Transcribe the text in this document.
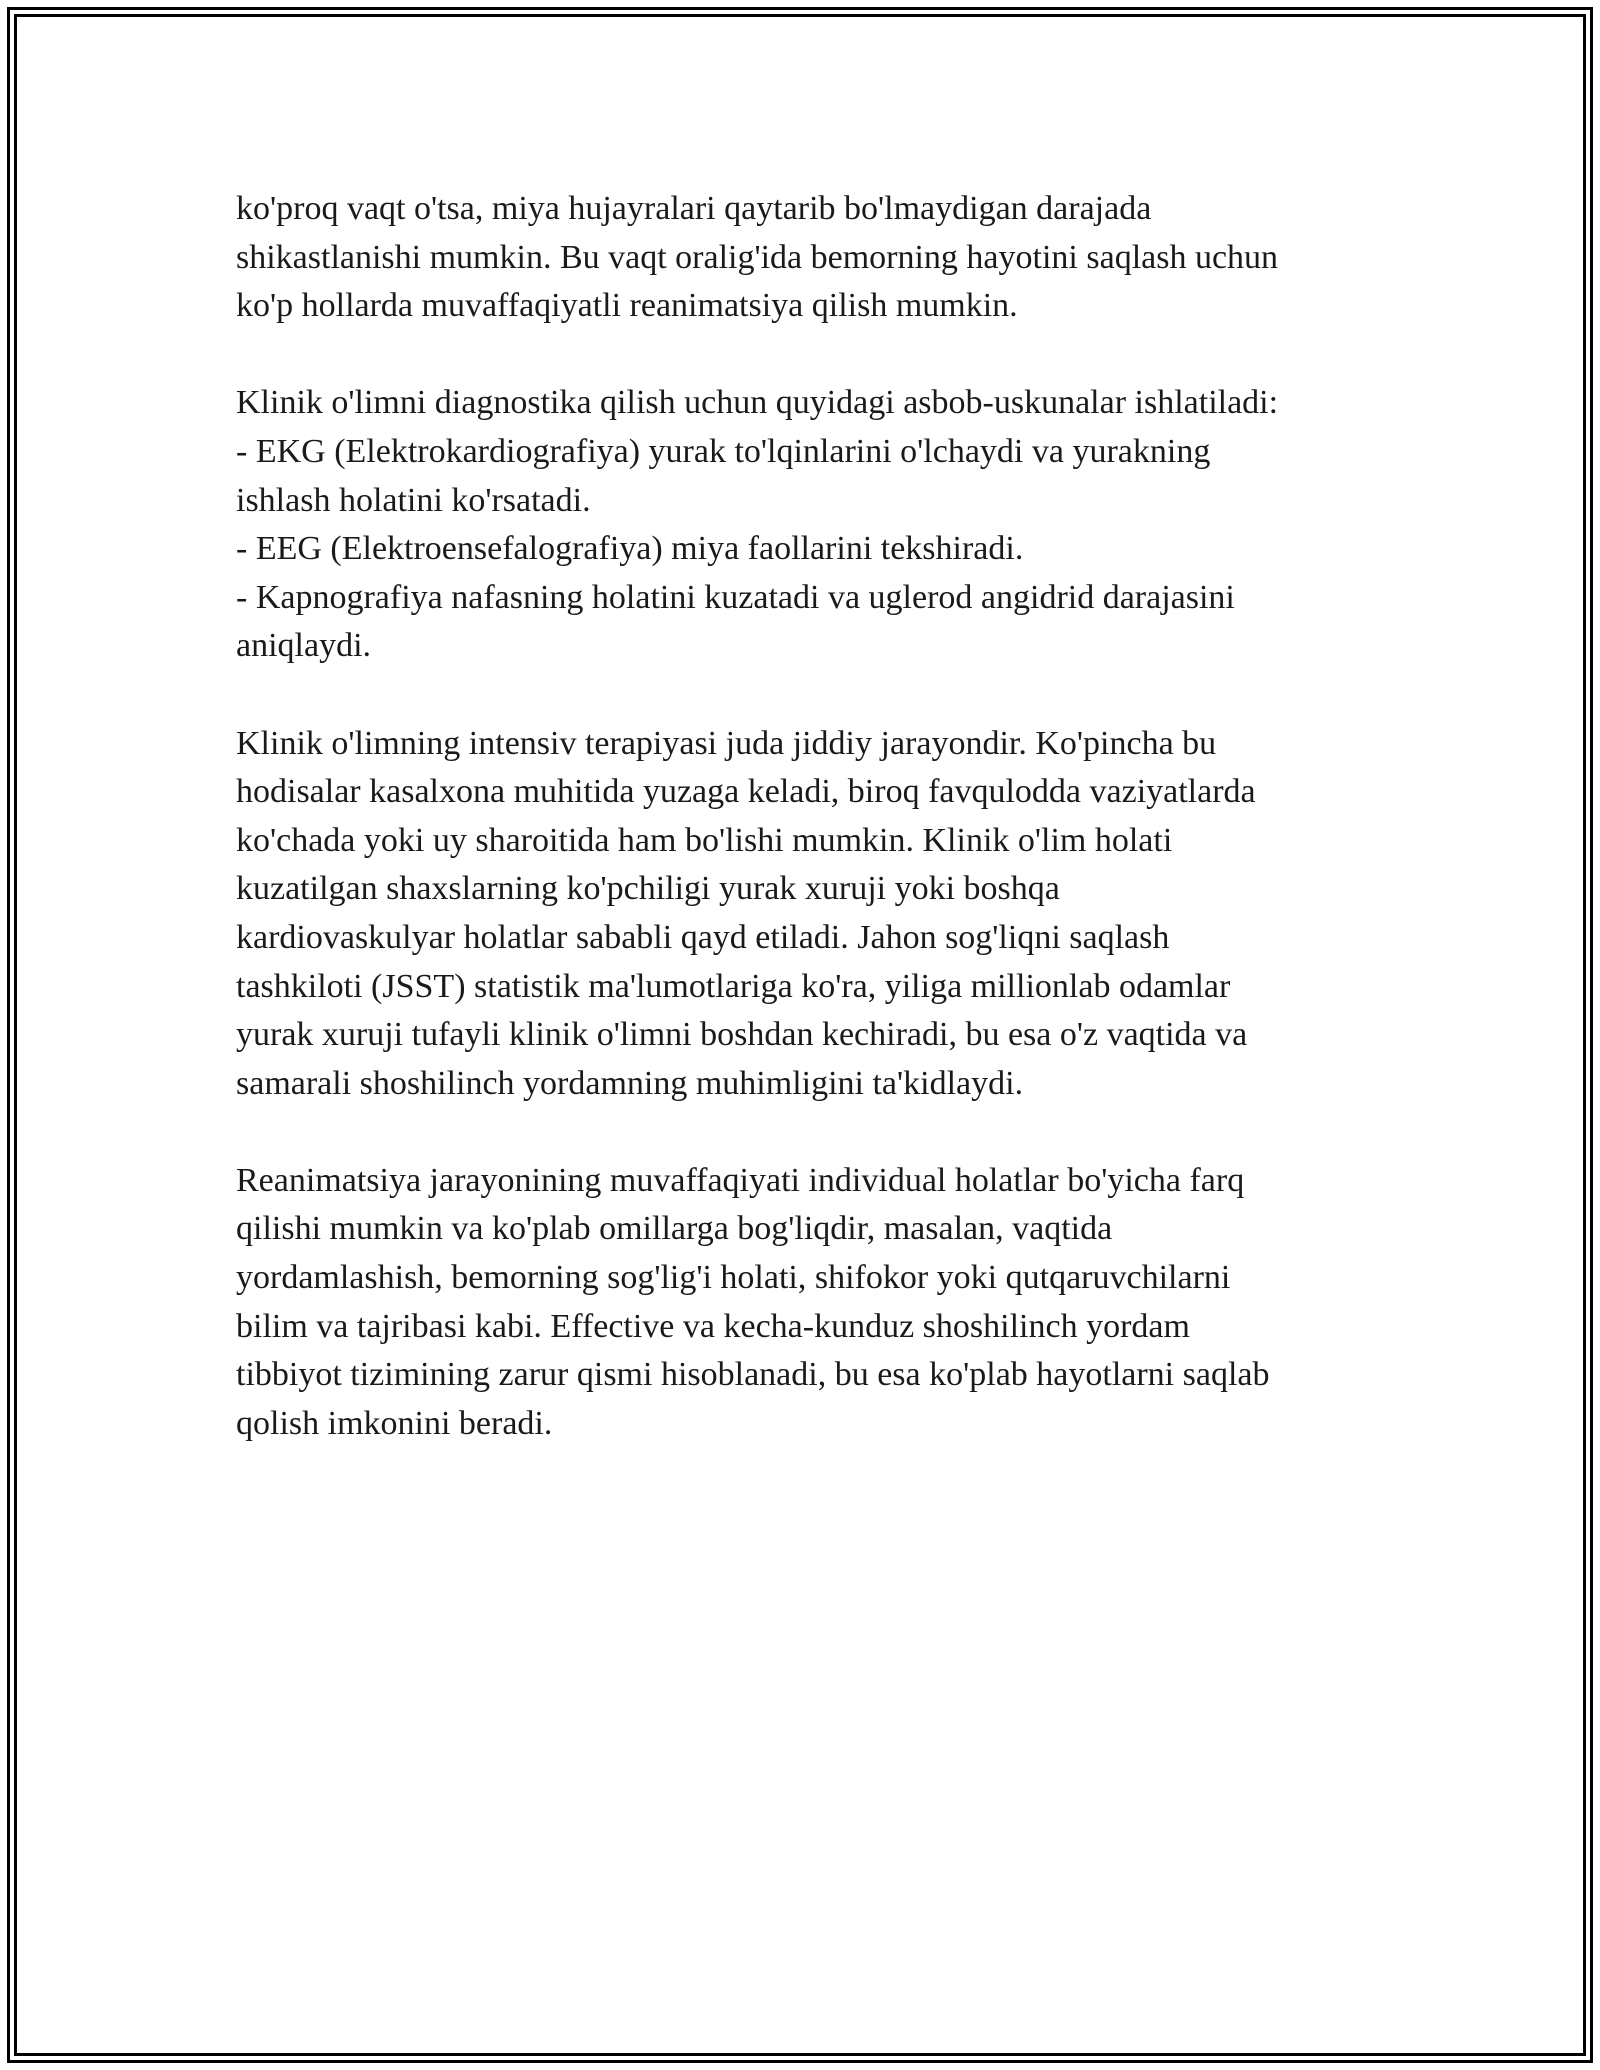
ko'proq vaqt o'tsa, miya hujayralari qaytarib bo'lmaydigan darajada
shikastlanishi mumkin. Bu vaqt oralig'ida bemorning hayotini saqlash uchun
ko'p hollarda muvaffaqiyatli reanimatsiya qilish mumkin.

Klinik o'limni diagnostika qilish uchun quyidagi asbob-uskunalar ishlatiladi:
- EKG (Elektrokardiografiya) yurak to'lqinlarini o'lchaydi va yurakning
ishlash holatini ko'rsatadi.
- EEG (Elektroensefalografiya) miya faollarini tekshiradi.
- Kapnografiya nafasning holatini kuzatadi va uglerod angidrid darajasini
aniqlaydi.

Klinik o'limning intensiv terapiyasi juda jiddiy jarayondir. Ko'pincha bu
hodisalar kasalxona muhitida yuzaga keladi, biroq favqulodda vaziyatlarda
ko'chada yoki uy sharoitida ham bo'lishi mumkin. Klinik o'lim holati
kuzatilgan shaxslarning ko'pchiligi yurak xuruji yoki boshqa
kardiovaskulyar holatlar sababli qayd etiladi. Jahon sog'liqni saqlash
tashkiloti (JSST) statistik ma'lumotlariga ko'ra, yiliga millionlab odamlar
yurak xuruji tufayli klinik o'limni boshdan kechiradi, bu esa o'z vaqtida va
samarali shoshilinch yordamning muhimligini ta'kidlaydi.

Reanimatsiya jarayonining muvaffaqiyati individual holatlar bo'yicha farq
qilishi mumkin va ko'plab omillarga bog'liqdir, masalan, vaqtida
yordamlashish, bemorning sog'lig'i holati, shifokor yoki qutqaruvchilarni
bilim va tajribasi kabi. Effective va kecha-kunduz shoshilinch yordam
tibbiyot tizimining zarur qismi hisoblanadi, bu esa ko'plab hayotlarni saqlab
qolish imkonini beradi.
